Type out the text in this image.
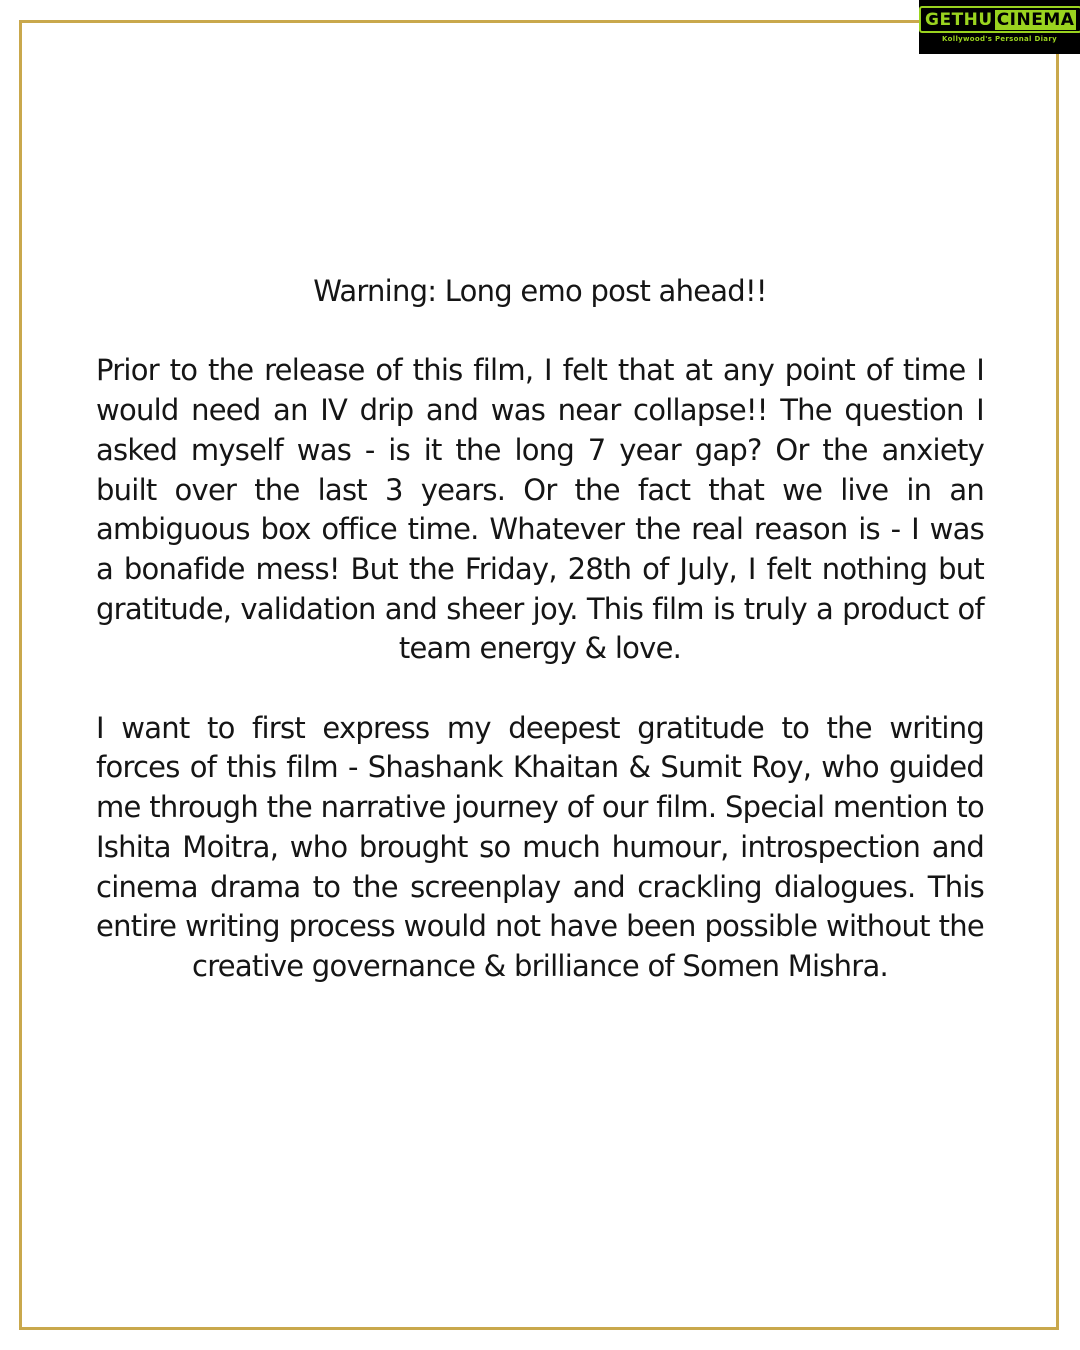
GETHU CINEMA
Kollywood's Personal Diary

Warning: Long emo post ahead!!

Prior to the release of this film, I felt that at any point of time I would need an IV drip and was near collapse!! The question I asked myself was - is it the long 7 year gap? Or the anxiety built over the last 3 years. Or the fact that we live in an ambiguous box office time. Whatever the real reason is - I was a bonafide mess! But the Friday, 28th of July, I felt nothing but gratitude, validation and sheer joy. This film is truly a product of team energy & love.

I want to first express my deepest gratitude to the writing forces of this film - Shashank Khaitan & Sumit Roy, who guided me through the narrative journey of our film. Special mention to Ishita Moitra, who brought so much humour, introspection and cinema drama to the screenplay and crackling dialogues. This entire writing process would not have been possible without the creative governance & brilliance of Somen Mishra.
